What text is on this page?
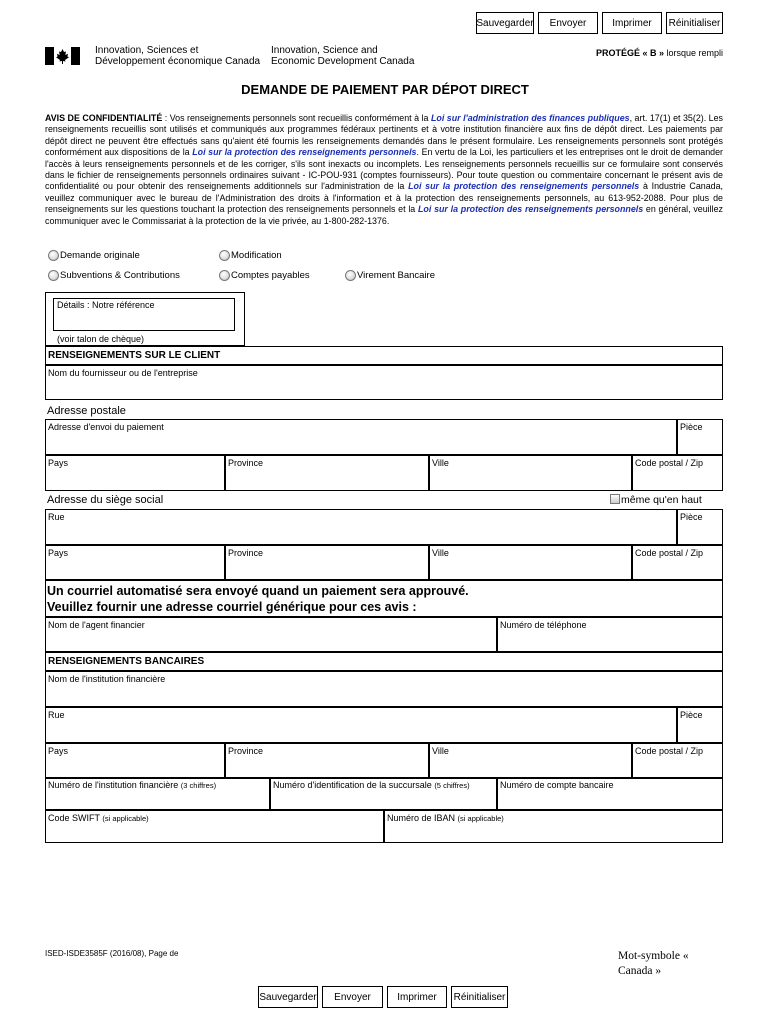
Sauvegarder	Envoyer	Imprimer	Réinitialiser
Innovation, Sciences et
Développement économique Canada
Innovation, Science and
Economic Development Canada
PROTÉGÉ « B » lorsque rempli
DEMANDE DE PAIEMENT PAR DÉPOT DIRECT
AVIS DE CONFIDENTIALITÉ : Vos renseignements personnels sont recueillis conformément à la Loi sur l'administration des finances publiques, art. 17(1) et 35(2). Les renseignements recueillis sont utilisés et communiqués aux programmes fédéraux pertinents et à votre institution financière aux fins de dépôt direct. Les paiements par dépôt direct ne peuvent être effectués sans qu'aient été fournis les renseignements demandés dans le présent formulaire. Les renseignements personnels sont protégés conformément aux dispositions de la Loi sur la protection des renseignements personnels. En vertu de la Loi, les particuliers et les entreprises ont le droit de demander l'accès à leurs renseignements personnels et de les corriger, s'ils sont inexacts ou incomplets. Les renseignements personnels recueillis sur ce formulaire sont conservés dans le fichier de renseignements personnels ordinaires suivant - IC-POU-931 (comptes fournisseurs). Pour toute question ou commentaire concernant le présent avis de confidentialité ou pour obtenir des renseignements additionnels sur l'administration de la Loi sur la protection des renseignements personnels à Industrie Canada, veuillez communiquer avec le bureau de l'Administration des droits à l'information et à la protection des renseignements personnels, au 613-952-2088. Pour plus de renseignements sur les questions touchant la protection des renseignements personnels et la Loi sur la protection des renseignements personnels en général, veuillez communiquer avec le Commissariat à la protection de la vie privée, au 1-800-282-1376.
Demande originale	Modification
Subventions & Contributions	Comptes payables	Virement Bancaire
Détails : Notre référence
(voir talon de chèque)
RENSEIGNEMENTS SUR LE CLIENT
Nom du fournisseur ou de l'entreprise
Adresse postale
Adresse d'envoi du paiement	Pièce
Pays	Province	Ville	Code postal / Zip
Adresse du siège social	même qu'en haut
Rue	Pièce
Pays	Province	Ville	Code postal / Zip
Un courriel automatisé sera envoyé quand un paiement sera approuvé.
Veuillez fournir une adresse courriel générique pour ces avis :
Nom de l'agent financier	Numéro de téléphone
RENSEIGNEMENTS BANCAIRES
Nom de l'institution financière
Rue	Pièce
Pays	Province	Ville	Code postal / Zip
Numéro de l'institution financière (3 chiffres)	Numéro d'identification de la succursale (5 chiffres)	Numéro de compte bancaire
Code SWIFT (si applicable)	Numéro de IBAN (si applicable)
ISED-ISDE3585F (2016/08), Page de	Mot-symbole «
Canada »
Sauvegarder	Envoyer	Imprimer	Réinitialiser
